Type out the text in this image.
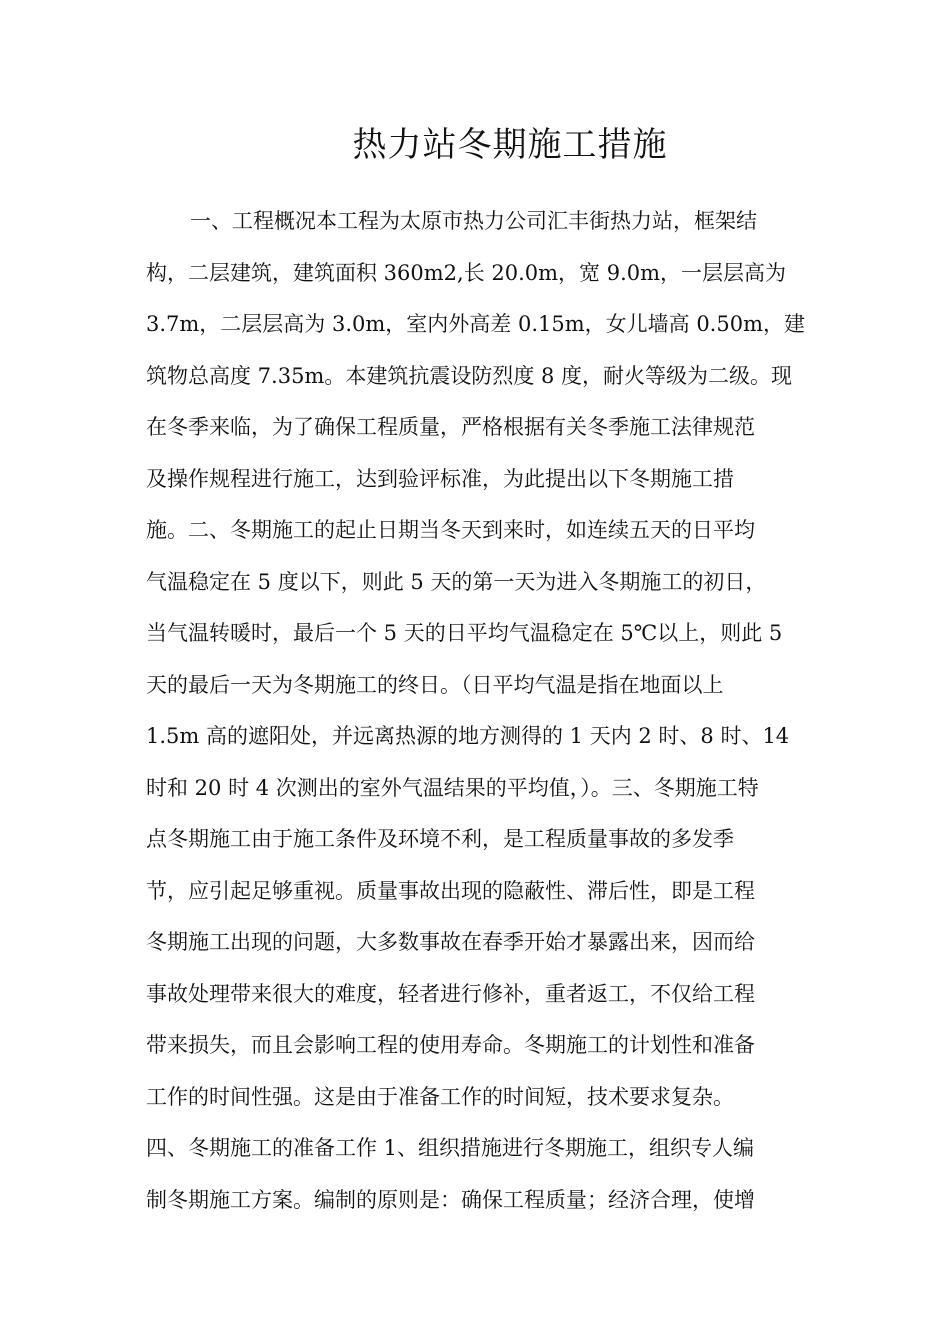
热力站冬期施工措施
一、工程概况本工程为太原市热力公司汇丰街热力站，框架结
构，二层建筑，建筑面积 360m2,长 20.0m，宽 9.0m，一层层高为
3.7m，二层层高为 3.0m，室内外高差 0.15m，女儿墙高 0.50m，建
筑物总高度 7.35m。本建筑抗震设防烈度 8 度，耐火等级为二级。现
在冬季来临，为了确保工程质量，严格根据有关冬季施工法律规范
及操作规程进行施工，达到验评标准，为此提出以下冬期施工措
施。二、冬期施工的起止日期当冬天到来时，如连续五天的日平均
气温稳定在 5 度以下，则此 5 天的第一天为进入冬期施工的初日，
当气温转暖时，最后一个 5 天的日平均气温稳定在 5℃以上，则此 5
天的最后一天为冬期施工的终日。（日平均气温是指在地面以上
1.5m 高的遮阳处，并远离热源的地方测得的 1 天内 2 时、8 时、14
时和 20 时 4 次测出的室外气温结果的平均值，）。三、冬期施工特
点冬期施工由于施工条件及环境不利，是工程质量事故的多发季
节，应引起足够重视。质量事故出现的隐蔽性、滞后性，即是工程
冬期施工出现的问题，大多数事故在春季开始才暴露出来，因而给
事故处理带来很大的难度，轻者进行修补，重者返工，不仅给工程
带来损失，而且会影响工程的使用寿命。冬期施工的计划性和准备
工作的时间性强。这是由于准备工作的时间短，技术要求复杂。
四、冬期施工的准备工作 1、组织措施进行冬期施工，组织专人编
制冬期施工方案。编制的原则是：确保工程质量；经济合理，使增
